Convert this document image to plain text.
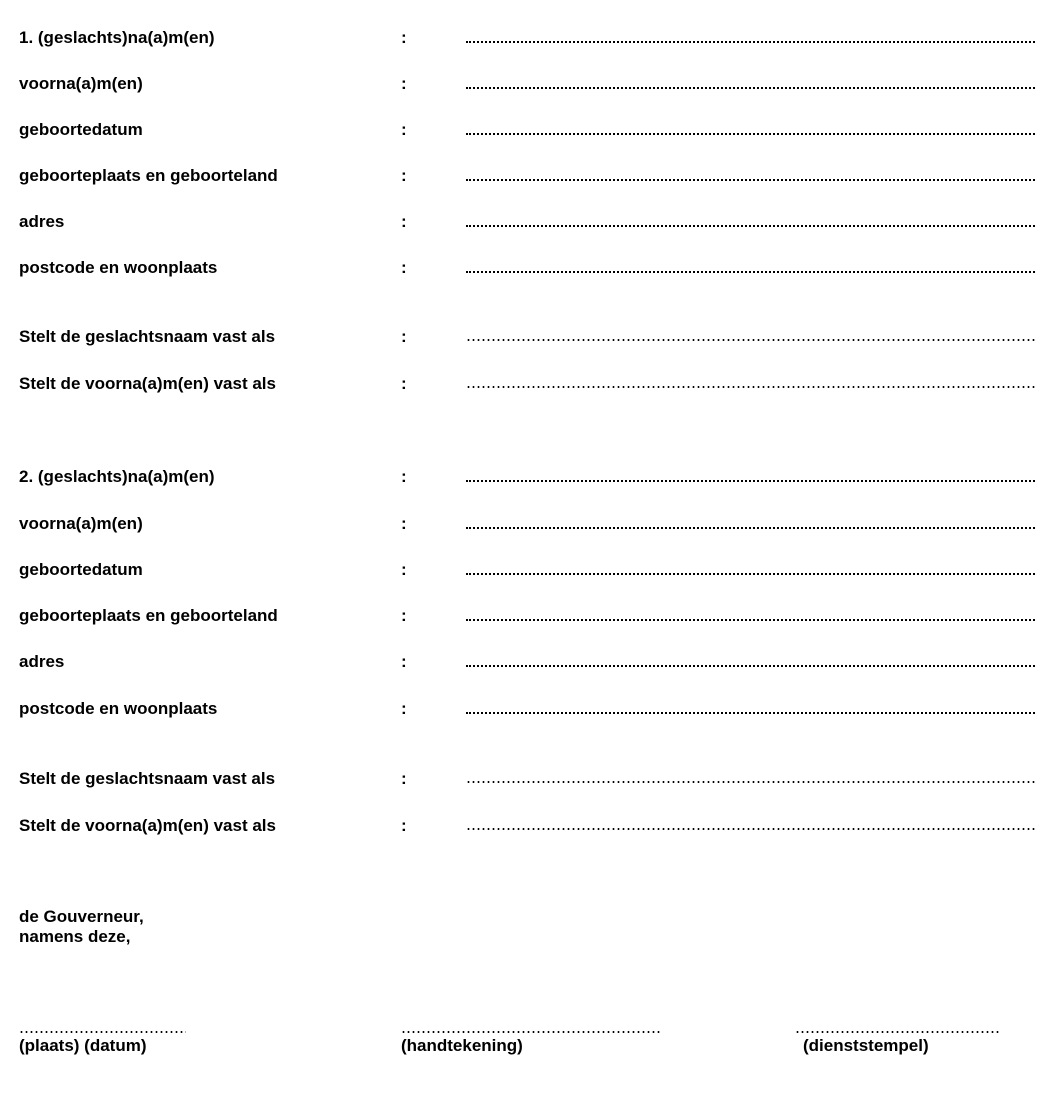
1. (geslachts)na(a)m(en)	:
voorna(a)m(en)	:
geboortedatum	:
geboorteplaats en geboorteland	:
adres	:
postcode en woonplaats	:
Stelt de geslachtsnaam vast als	:
Stelt de voorna(a)m(en) vast als	:
2. (geslachts)na(a)m(en)	:
voorna(a)m(en)	:
geboortedatum	:
geboorteplaats en geboorteland	:
adres	:
postcode en woonplaats	:
Stelt de geslachtsnaam vast als	:
Stelt de voorna(a)m(en) vast als	:
de Gouverneur,
namens deze,
(plaats) (datum)	(handtekening)	(dienststempel)
